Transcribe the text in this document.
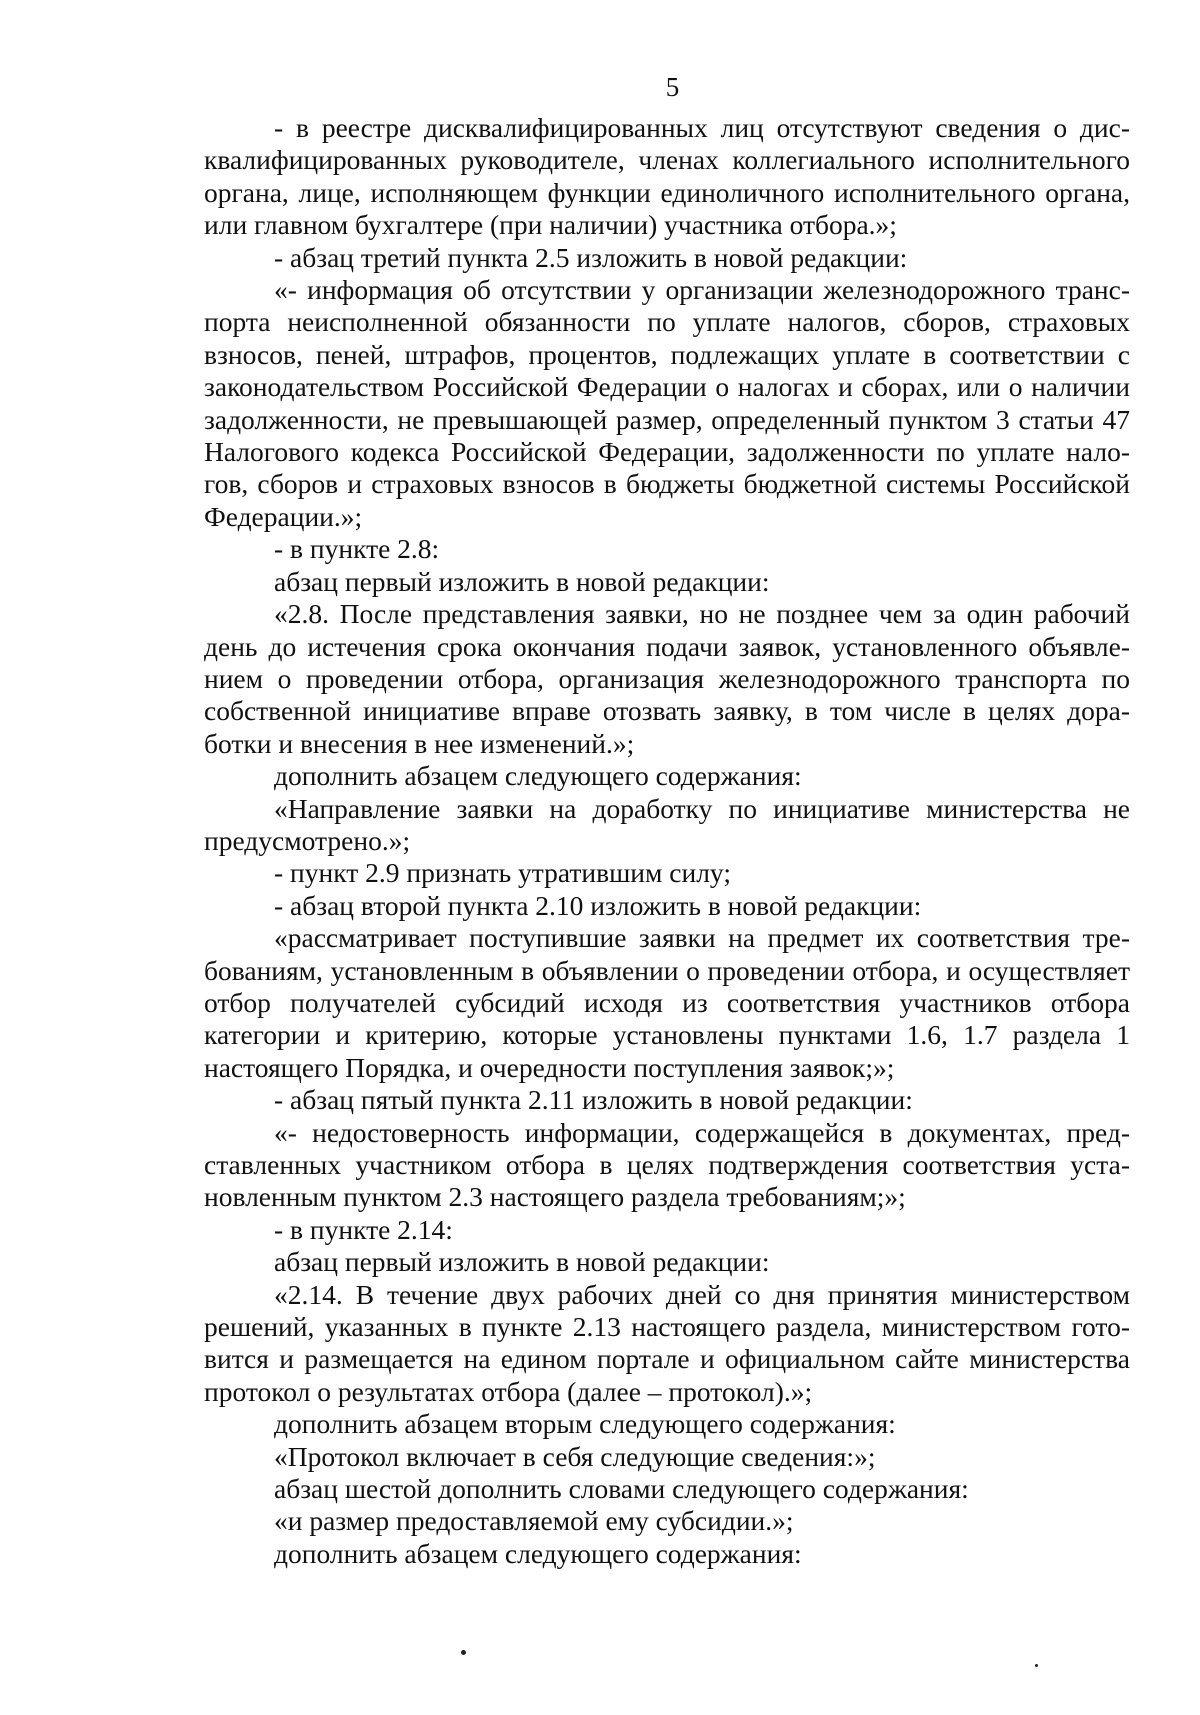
5

- в реестре дисквалифицированных лиц отсутствуют сведения о дисквалифицированных руководителе, членах коллегиального исполнительного органа, лице, исполняющем функции единоличного исполнительного органа, или главном бухгалтере (при наличии) участника отбора.»;

- абзац третий пункта 2.5 изложить в новой редакции:

«- информация об отсутствии у организации железнодорожного транспорта неисполненной обязанности по уплате налогов, сборов, страховых взносов, пеней, штрафов, процентов, подлежащих уплате в соответствии с законодательством Российской Федерации о налогах и сборах, или о наличии задолженности, не превышающей размер, определенный пунктом 3 статьи 47 Налогового кодекса Российской Федерации, задолженности по уплате налогов, сборов и страховых взносов в бюджеты бюджетной системы Российской Федерации.»;

- в пункте 2.8:

абзац первый изложить в новой редакции:

«2.8. После представления заявки, но не позднее чем за один рабочий день до истечения срока окончания подачи заявок, установленного объявлением о проведении отбора, организация железнодорожного транспорта по собственной инициативе вправе отозвать заявку, в том числе в целях доработки и внесения в нее изменений.»;

дополнить абзацем следующего содержания:

«Направление заявки на доработку по инициативе министерства не предусмотрено.»;

- пункт 2.9 признать утратившим силу;

- абзац второй пункта 2.10 изложить в новой редакции:

«рассматривает поступившие заявки на предмет их соответствия требованиям, установленным в объявлении о проведении отбора, и осуществляет отбор получателей субсидий исходя из соответствия участников отбора категории и критерию, которые установлены пунктами 1.6, 1.7 раздела 1 настоящего Порядка, и очередности поступления заявок;»;

- абзац пятый пункта 2.11 изложить в новой редакции:

«- недостоверность информации, содержащейся в документах, представленных участником отбора в целях подтверждения соответствия установленным пунктом 2.3 настоящего раздела требованиям;»;

- в пункте 2.14:

абзац первый изложить в новой редакции:

«2.14. В течение двух рабочих дней со дня принятия министерством решений, указанных в пункте 2.13 настоящего раздела, министерством готовится и размещается на едином портале и официальном сайте министерства протокол о результатах отбора (далее – протокол).»;

дополнить абзацем вторым следующего содержания:

«Протокол включает в себя следующие сведения:»;

абзац шестой дополнить словами следующего содержания:

«и размер предоставляемой ему субсидии.»;

дополнить абзацем следующего содержания:
